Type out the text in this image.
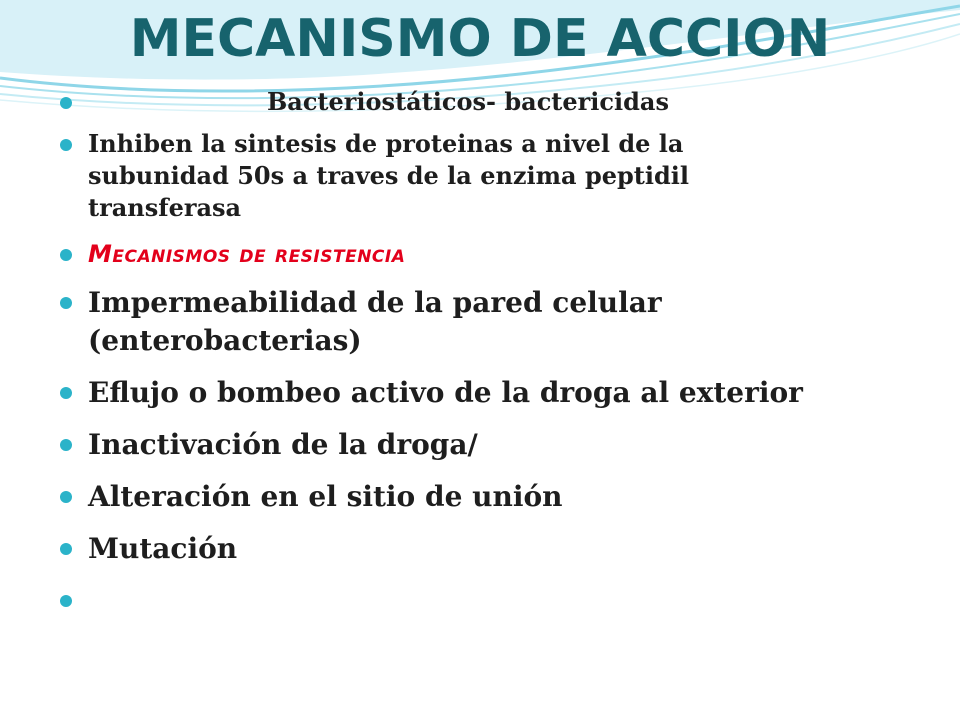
MECANISMO DE ACCION
Bacteriostáticos- bactericidas
Inhiben la sintesis de proteinas a nivel de la subunidad 50s a traves de la enzima peptidil transferasa
Mecanismos de resistencia
Impermeabilidad de la pared celular (enterobacterias)
Eflujo o bombeo activo de la droga al exterior
Inactivación de la droga/
Alteración en el sitio de unión
Mutación
